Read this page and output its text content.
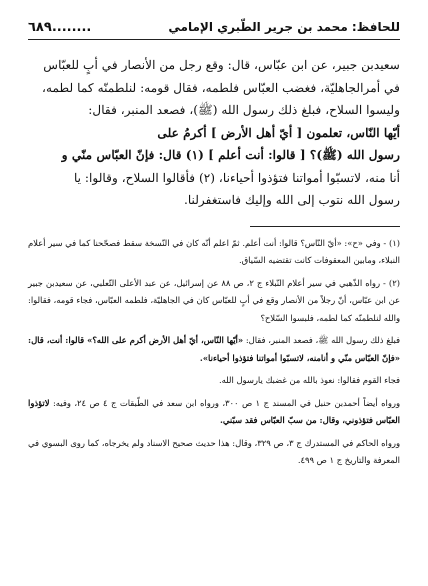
للحافظ: محمد بن جرير الطّبري الإمامي
٦٨٩........

سعيدبن جبير، عن ابن عبّاس، قال: وقع رجل من الأنصار في أبٍ للعبّاس

في أمرالجاهليّة، فغضب العبّاس فلطمه، فقال قومه: لنلطمنّه كما لطمه،

وليسوا السلاح، فبلغ ذلك رسول الله (ﷺ)، فصعد المنبر، فقال:

أيّها النّاس، تعلمون [ أيّ أهل الأرض ] أكرمُ على

رسول الله (ﷺ)؟ [ قالوا: أنت أعلم ] (١) قال: فإنّ العبّاس منّي و

أنا منه، لاتسبّوا أمواتنا فتؤذوا أحياءنا، (٢) فأقالوا السلاح، وقالوا: يا

رسول الله نتوب إلى الله وإليك فاستغفرلنا.

(١) - وفي «ح»: «أيّ النّاس؟ قالوا: أنت أعلم. ثمّ اعلم أنّه كان في النّسخة سقط فصحّحنا كما في سير أعلام النبلاء، ومابين المعقوفات كانت تقتضيه السّياق.

(٢) - رواه الذّهبي في سير أعلام النّبلاء ج ٢، ص ٨٨ عن إسرائيل، عن عبد الأعلى التّعلبي، عن سعيدبن جبير عن ابن عبّاس، أنّ رجلاً من الأنصار وقع في أبٍ للعبّاس كان في الجاهليّة، فلطمه العبّاس، فجاء قومه، فقالوا: والله لنلطمنّه كما لطمه، فلبسوا السّلاح؟

فبلغ ذلك رسول الله ﷺ، فصعد المنبر، فقال: «أيّها النّاس، أيّ أهل الأرض أكرم على الله؟» قالوا: أنت، قال: «فإنّ العبّاس منّي و أنامنه، لاتسبّوا أمواتنا فتؤذوا أحياءنا».

فجاء القوم فقالوا: نعوذ بالله من غضبك يارسول الله.

ورواه أيضاً أحمدبن حنبل في المسند ج ١ ص ٣٠٠، ورواه ابن سعد في الطّبقات ج ٤ ص ٢٤، وفيه: لاتؤذوا العبّاس فتؤذوني، وقال: من سبّ العبّاس فقد سبّني.

ورواه الحاكم في المستدرك ج ٣، ص ٣٢٩، وقال: هذا حديث صحيح الاسناد ولم يخرجاه، كما روى البسوي في المعرفة والتاريخ ج ١ ص ٤٩٩.
